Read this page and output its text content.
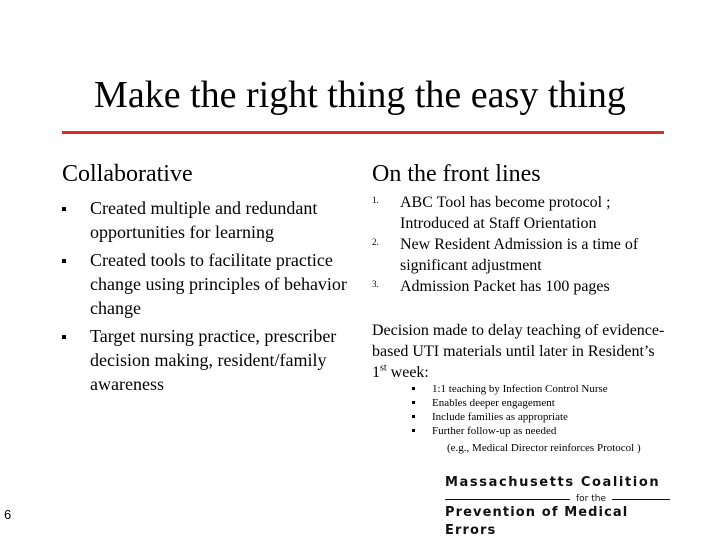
Make the right thing the easy thing
Collaborative
Created multiple and redundant opportunities for learning
Created tools to facilitate practice change using principles of behavior change
Target nursing practice, prescriber decision making, resident/family awareness
On the front lines
1. ABC Tool has become protocol ; Introduced at Staff Orientation
2. New Resident Admission is a time of significant adjustment
3. Admission Packet has 100 pages
Decision made to delay teaching of evidence-based UTI materials until later in Resident’s 1st week:
1:1 teaching by Infection Control Nurse
Enables deeper engagement
Include families as appropriate
Further follow-up as needed
(e.g., Medical Director reinforces Protocol )
Massachusetts Coalition
for the
Prevention of Medical Errors
6
